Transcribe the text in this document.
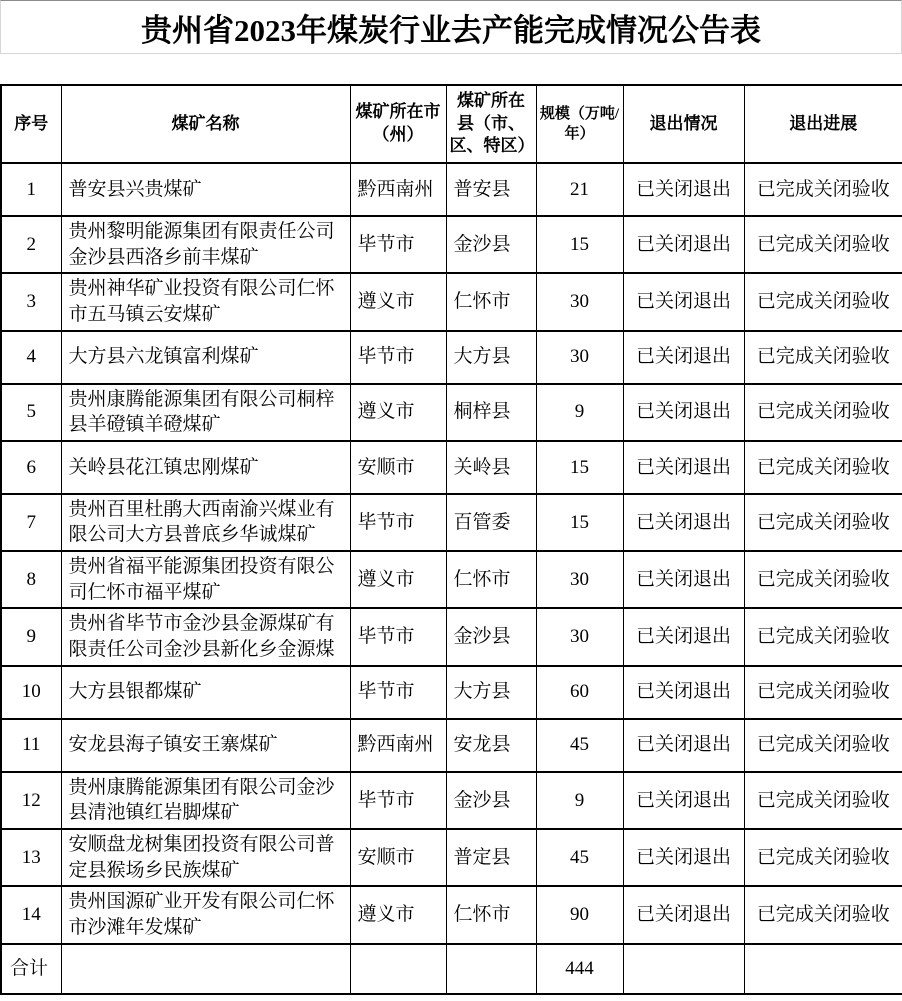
贵州省2023年煤炭行业去产能完成情况公告表
序号	煤矿名称	煤矿所在市（州）	煤矿所在县（市、区、特区）	规模（万吨/年）	退出情况	退出进展
1	普安县兴贵煤矿	黔西南州	普安县	21	已关闭退出	已完成关闭验收
2	贵州黎明能源集团有限责任公司金沙县西洛乡前丰煤矿	毕节市	金沙县	15	已关闭退出	已完成关闭验收
3	贵州神华矿业投资有限公司仁怀市五马镇云安煤矿	遵义市	仁怀市	30	已关闭退出	已完成关闭验收
4	大方县六龙镇富利煤矿	毕节市	大方县	30	已关闭退出	已完成关闭验收
5	贵州康腾能源集团有限公司桐梓县羊磴镇羊磴煤矿	遵义市	桐梓县	9	已关闭退出	已完成关闭验收
6	关岭县花江镇忠刚煤矿	安顺市	关岭县	15	已关闭退出	已完成关闭验收
7	贵州百里杜鹃大西南渝兴煤业有限公司大方县普底乡华诚煤矿	毕节市	百管委	15	已关闭退出	已完成关闭验收
8	贵州省福平能源集团投资有限公司仁怀市福平煤矿	遵义市	仁怀市	30	已关闭退出	已完成关闭验收
9	贵州省毕节市金沙县金源煤矿有限责任公司金沙县新化乡金源煤	毕节市	金沙县	30	已关闭退出	已完成关闭验收
10	大方县银都煤矿	毕节市	大方县	60	已关闭退出	已完成关闭验收
11	安龙县海子镇安王寨煤矿	黔西南州	安龙县	45	已关闭退出	已完成关闭验收
12	贵州康腾能源集团有限公司金沙县清池镇红岩脚煤矿	毕节市	金沙县	9	已关闭退出	已完成关闭验收
13	安顺盘龙树集团投资有限公司普定县猴场乡民族煤矿	安顺市	普定县	45	已关闭退出	已完成关闭验收
14	贵州国源矿业开发有限公司仁怀市沙滩年发煤矿	遵义市	仁怀市	90	已关闭退出	已完成关闭验收
合计				444		
